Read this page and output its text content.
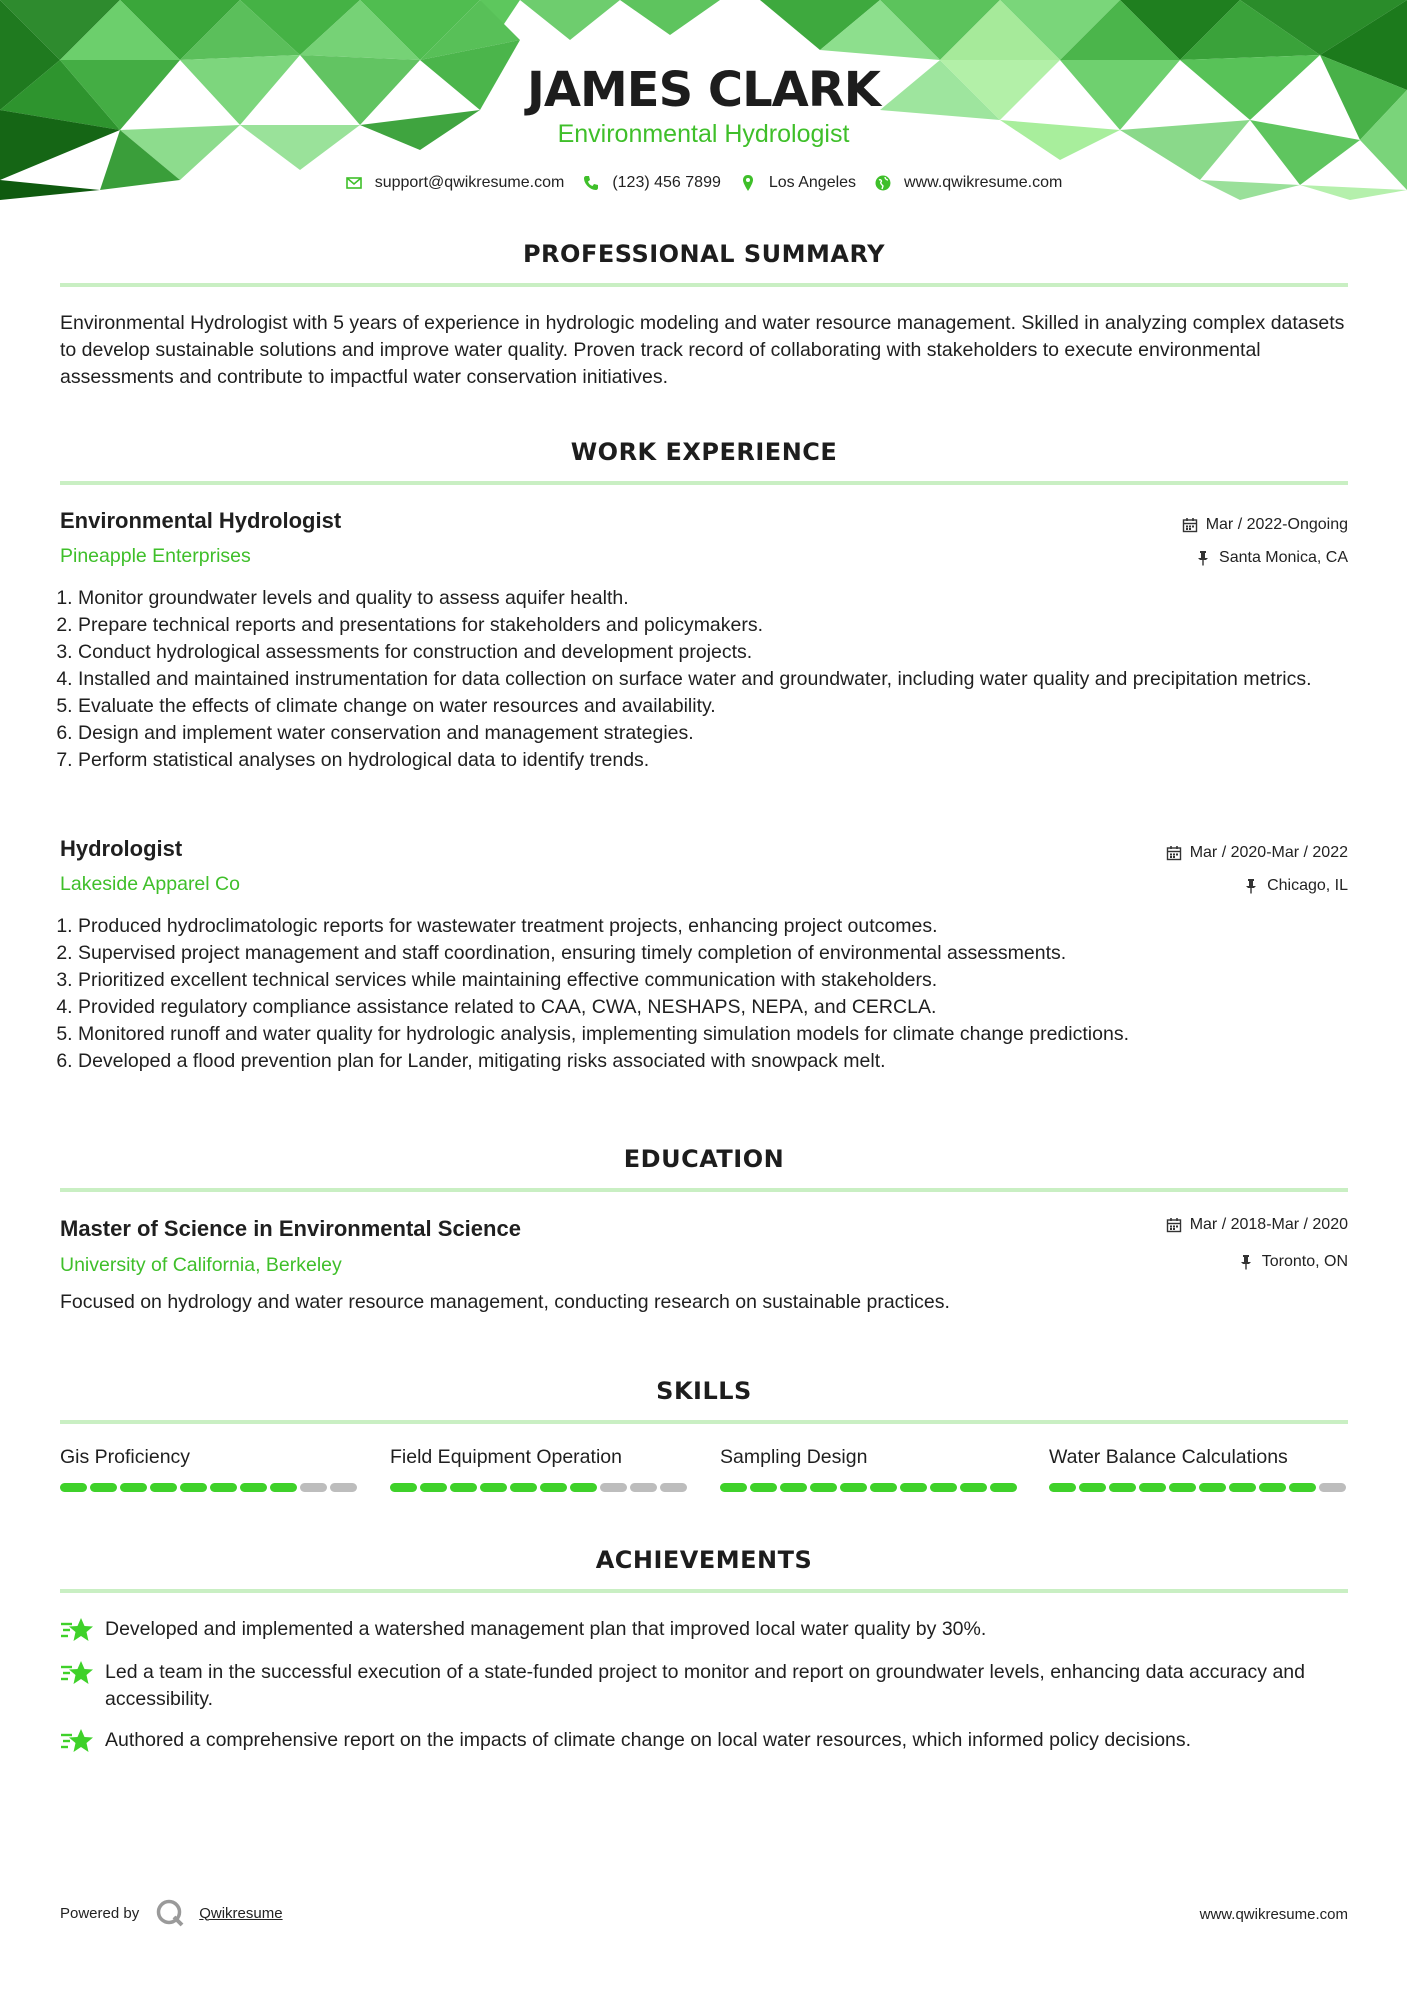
JAMES CLARK
Environmental Hydrologist
support@qwikresume.com	(123) 456 7899	Los Angeles	www.qwikresume.com
PROFESSIONAL SUMMARY
Environmental Hydrologist with 5 years of experience in hydrologic modeling and water resource management. Skilled in analyzing complex datasets to develop sustainable solutions and improve water quality. Proven track record of collaborating with stakeholders to execute environmental assessments and contribute to impactful water conservation initiatives.
WORK EXPERIENCE
Environmental Hydrologist	Mar / 2022-Ongoing
Pineapple Enterprises	Santa Monica, CA
1. Monitor groundwater levels and quality to assess aquifer health.
2. Prepare technical reports and presentations for stakeholders and policymakers.
3. Conduct hydrological assessments for construction and development projects.
4. Installed and maintained instrumentation for data collection on surface water and groundwater, including water quality and precipitation metrics.
5. Evaluate the effects of climate change on water resources and availability.
6. Design and implement water conservation and management strategies.
7. Perform statistical analyses on hydrological data to identify trends.
Hydrologist	Mar / 2020-Mar / 2022
Lakeside Apparel Co	Chicago, IL
1. Produced hydroclimatologic reports for wastewater treatment projects, enhancing project outcomes.
2. Supervised project management and staff coordination, ensuring timely completion of environmental assessments.
3. Prioritized excellent technical services while maintaining effective communication with stakeholders.
4. Provided regulatory compliance assistance related to CAA, CWA, NESHAPS, NEPA, and CERCLA.
5. Monitored runoff and water quality for hydrologic analysis, implementing simulation models for climate change predictions.
6. Developed a flood prevention plan for Lander, mitigating risks associated with snowpack melt.
EDUCATION
Master of Science in Environmental Science	Mar / 2018-Mar / 2020
University of California, Berkeley	Toronto, ON
Focused on hydrology and water resource management, conducting research on sustainable practices.
SKILLS
Gis Proficiency	Field Equipment Operation	Sampling Design	Water Balance Calculations
ACHIEVEMENTS
Developed and implemented a watershed management plan that improved local water quality by 30%.
Led a team in the successful execution of a state-funded project to monitor and report on groundwater levels, enhancing data accuracy and accessibility.
Authored a comprehensive report on the impacts of climate change on local water resources, which informed policy decisions.
Powered by	Qwikresume	www.qwikresume.com
